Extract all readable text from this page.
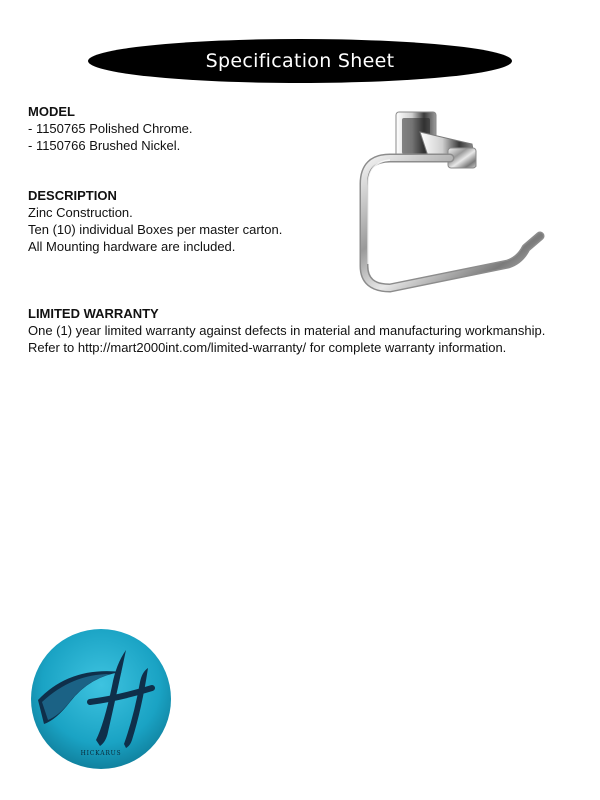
Specification Sheet
MODEL

- 1150765 Polished Chrome.

- 1150766 Brushed Nickel.

DESCRIPTION

Zinc Construction.

Ten (10) individual Boxes per master carton.

All Mounting hardware are included.

LIMITED WARRANTY

One (1) year limited warranty against defects in material and manufacturing workmanship.

Refer to http://mart2000int.com/limited-warranty/ for complete warranty information.

HICKARUS
